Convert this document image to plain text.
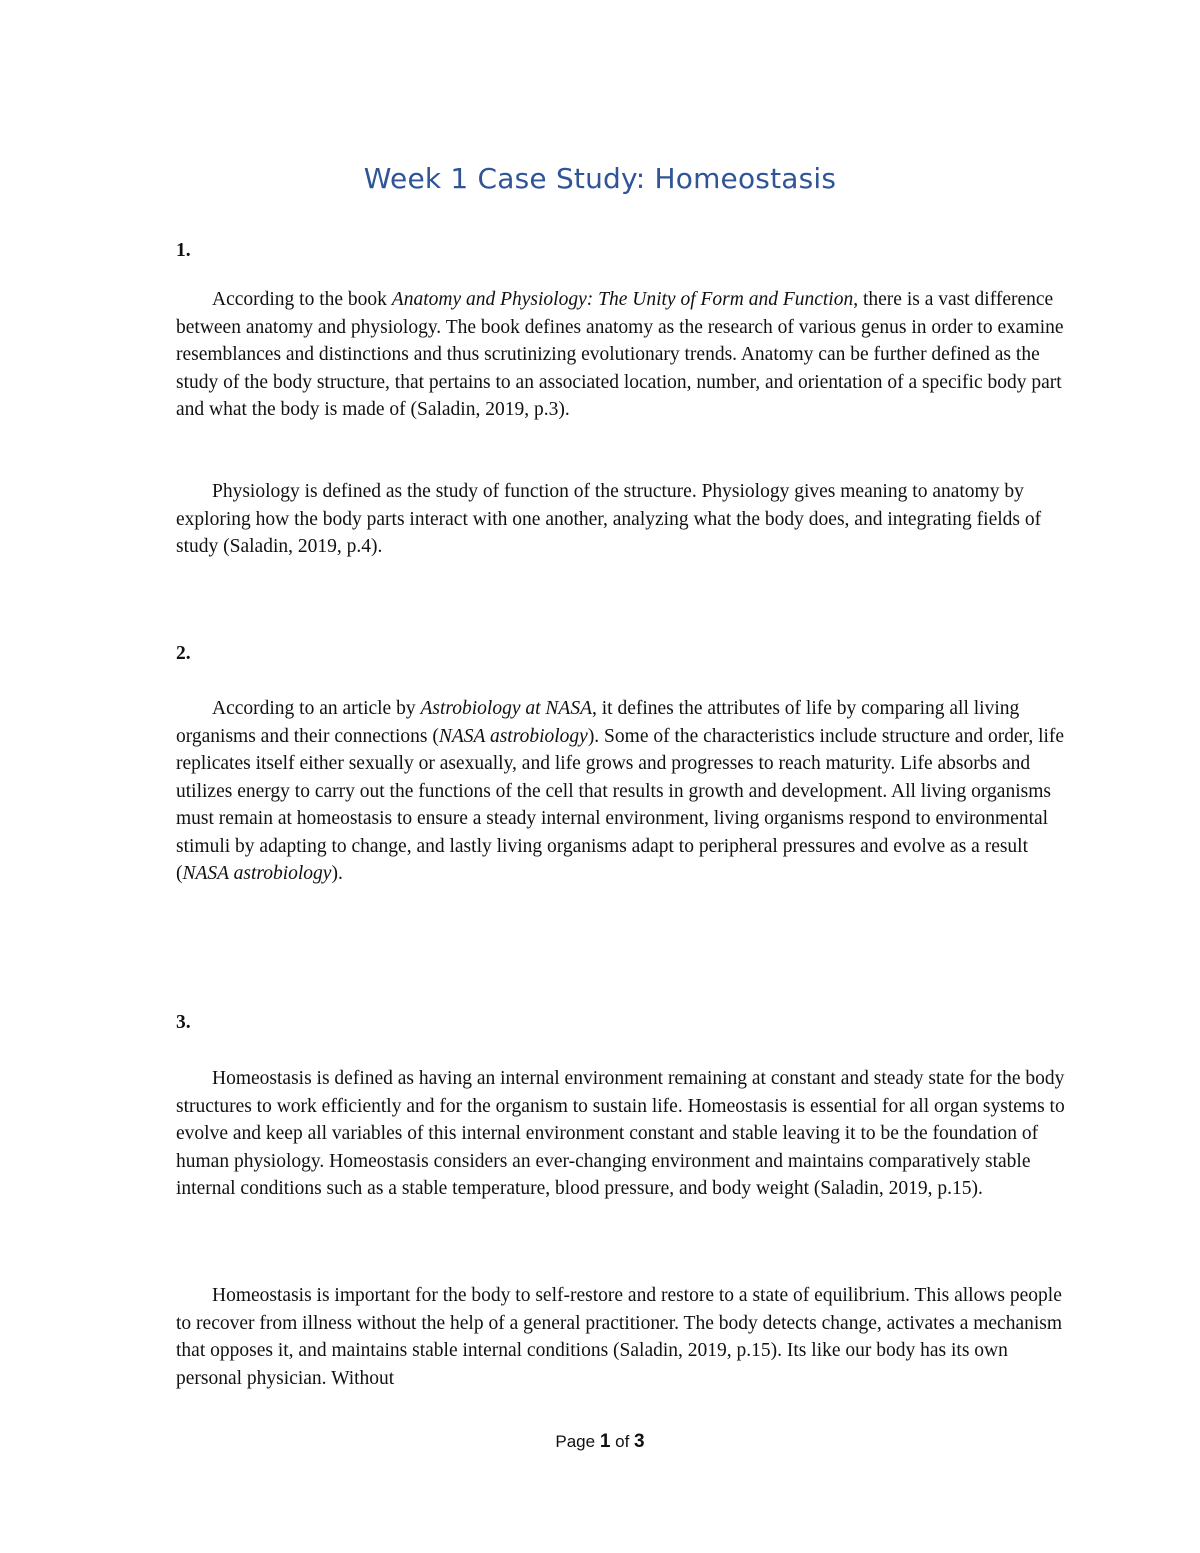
Week 1 Case Study: Homeostasis
1.

According to the book Anatomy and Physiology: The Unity of Form and Function, there is a vast difference between anatomy and physiology. The book defines anatomy as the research of various genus in order to examine resemblances and distinctions and thus scrutinizing evolutionary trends. Anatomy can be further defined as the study of the body structure, that pertains to an associated location, number, and orientation of a specific body part and what the body is made of (Saladin, 2019, p.3).

Physiology is defined as the study of function of the structure. Physiology gives meaning to anatomy by exploring how the body parts interact with one another, analyzing what the body does, and integrating fields of study (Saladin, 2019, p.4).

2.

According to an article by Astrobiology at NASA, it defines the attributes of life by comparing all living organisms and their connections (NASA astrobiology). Some of the characteristics include structure and order, life replicates itself either sexually or asexually, and life grows and progresses to reach maturity. Life absorbs and utilizes energy to carry out the functions of the cell that results in growth and development. All living organisms must remain at homeostasis to ensure a steady internal environment, living organisms respond to environmental stimuli by adapting to change, and lastly living organisms adapt to peripheral pressures and evolve as a result (NASA astrobiology).

3.

Homeostasis is defined as having an internal environment remaining at constant and steady state for the body structures to work efficiently and for the organism to sustain life. Homeostasis is essential for all organ systems to evolve and keep all variables of this internal environment constant and stable leaving it to be the foundation of human physiology. Homeostasis considers an ever-changing environment and maintains comparatively stable internal conditions such as a stable temperature, blood pressure, and body weight (Saladin, 2019, p.15).

Homeostasis is important for the body to self-restore and restore to a state of equilibrium. This allows people to recover from illness without the help of a general practitioner. The body detects change, activates a mechanism that opposes it, and maintains stable internal conditions (Saladin, 2019, p.15). Its like our body has its own personal physician. Without

Page 1 of 3
